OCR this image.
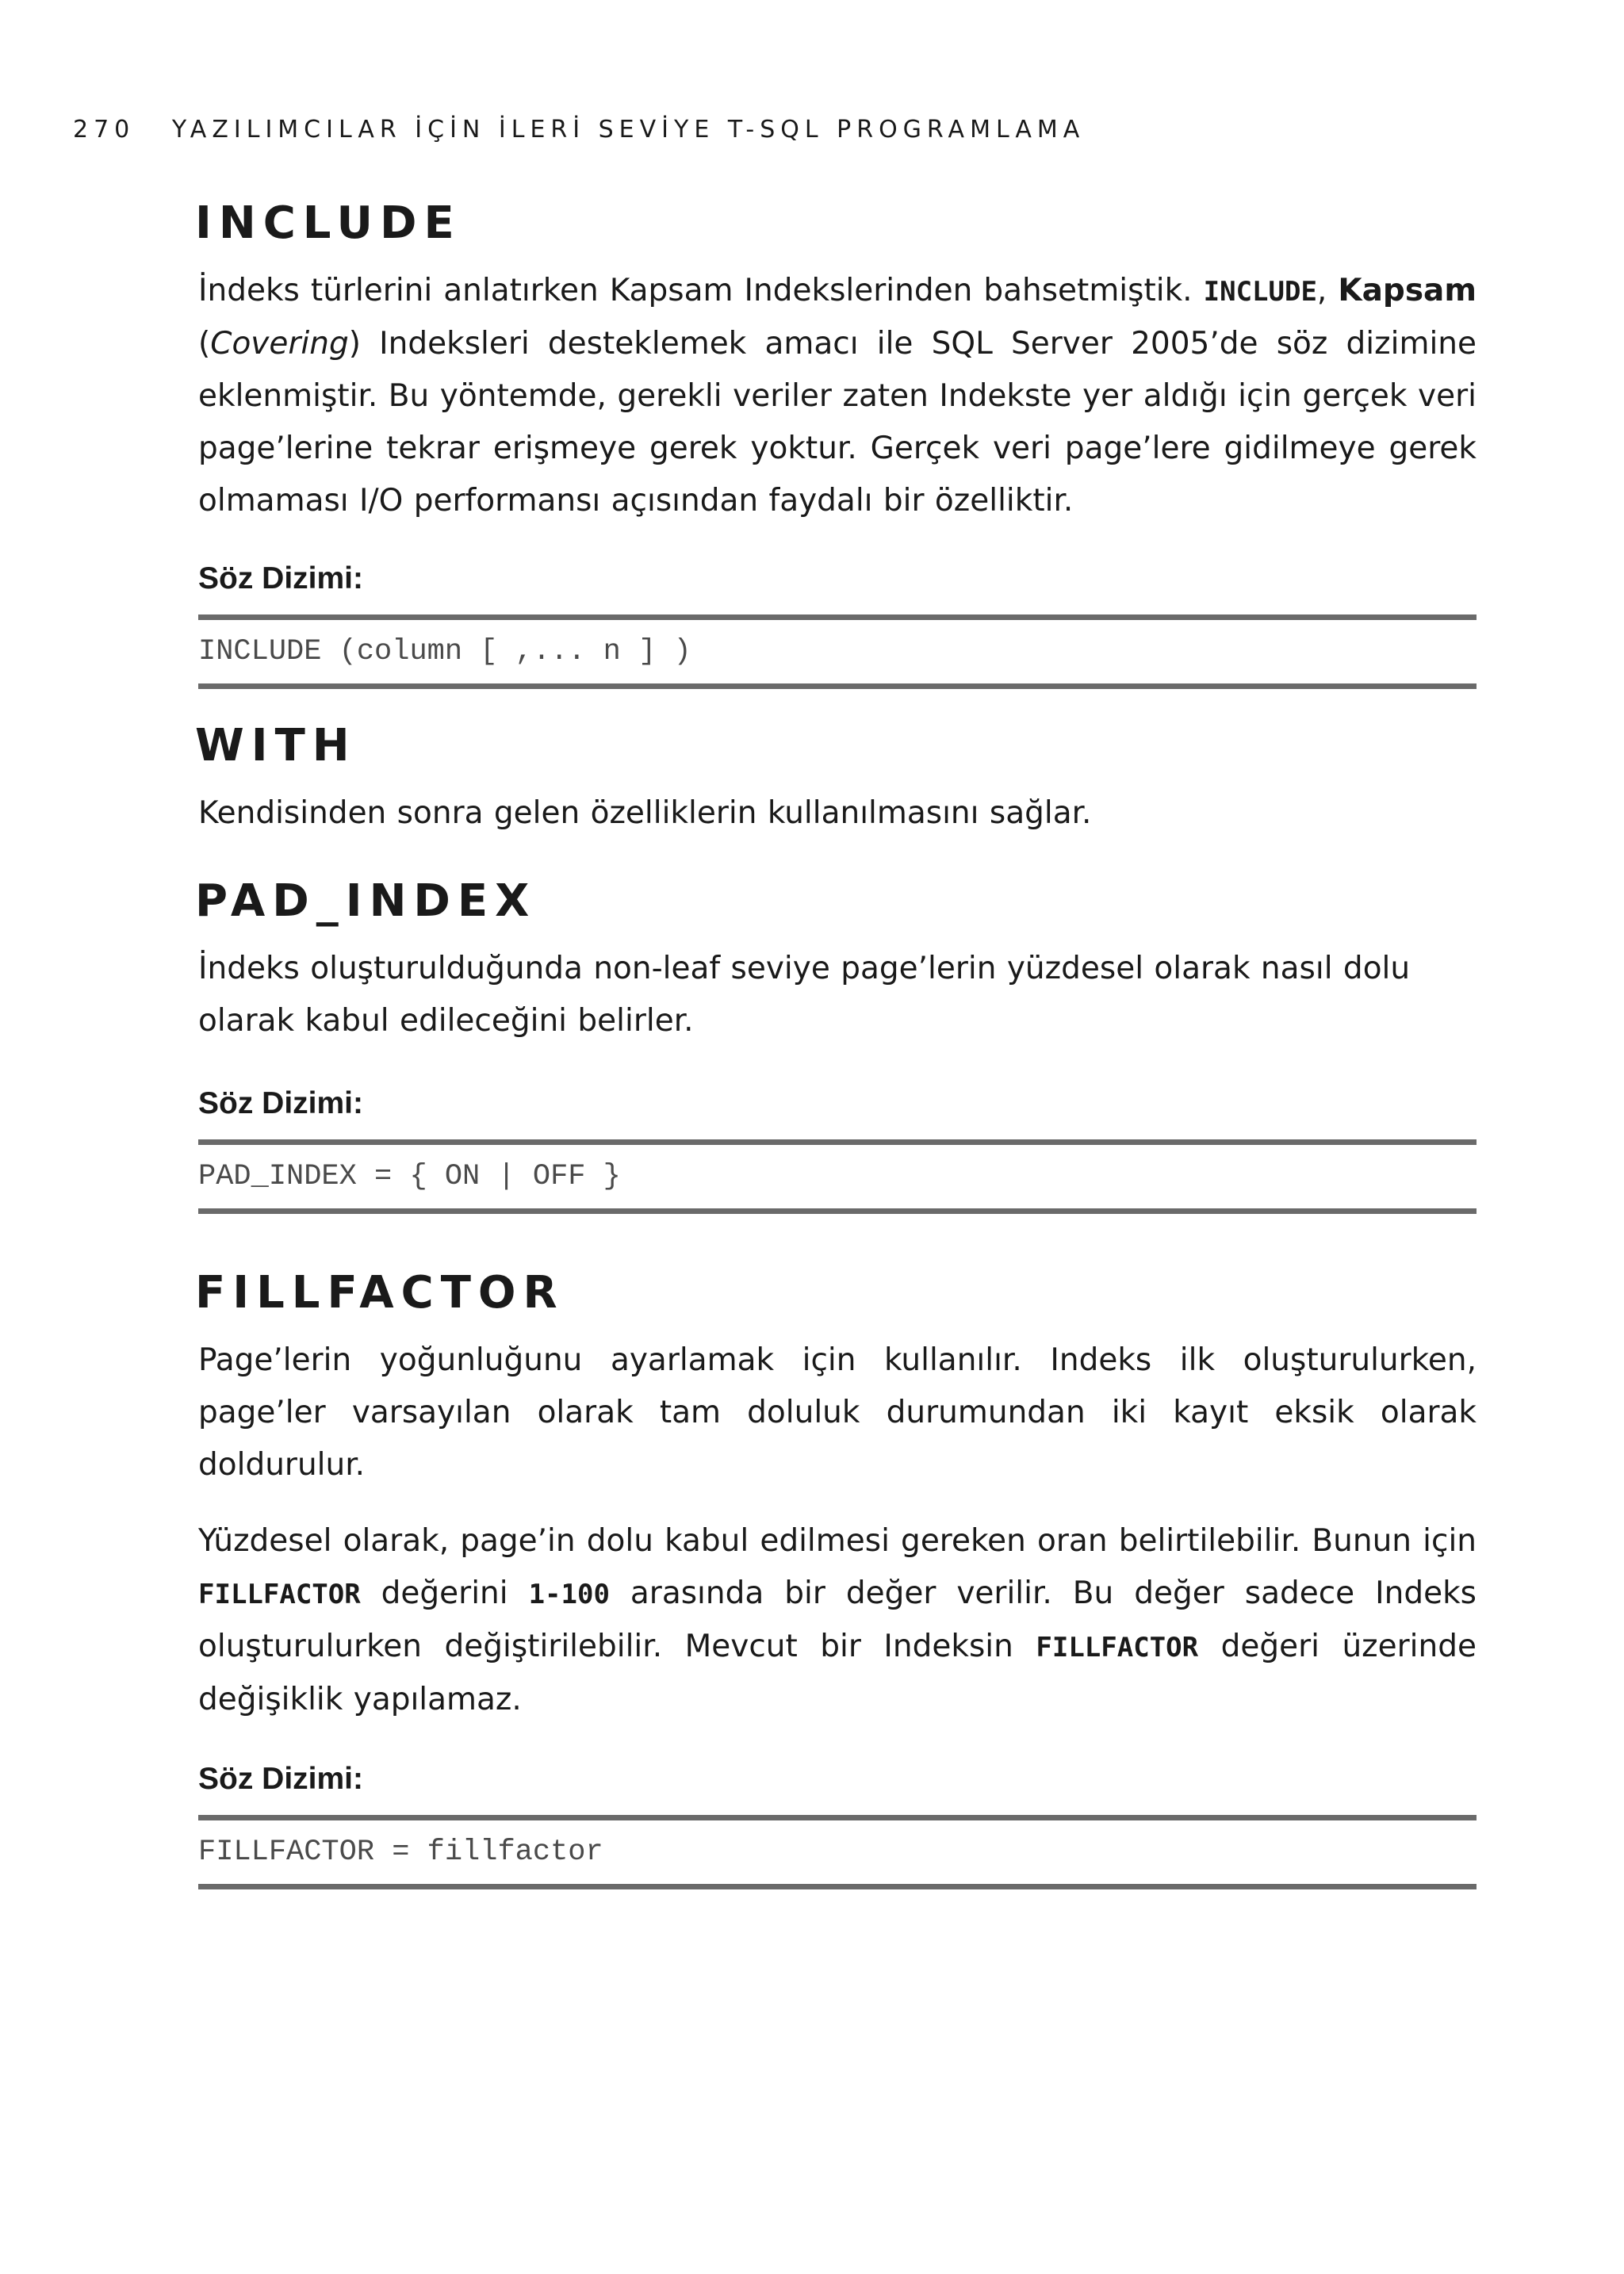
270 YAZILIMCILAR İÇİN İLERİ SEVİYE T-SQL PROGRAMLAMA
INCLUDE

İndeks türlerini anlatırken Kapsam Indekslerinden bahsetmiştik. INCLUDE, Kapsam (Covering) Indeksleri desteklemek amacı ile SQL Server 2005’de söz dizimine eklenmiştir. Bu yöntemde, gerekli veriler zaten Indekste yer aldığı için gerçek veri page’lerine tekrar erişmeye gerek yoktur. Gerçek veri page’lere gidilmeye gerek olmaması I/O performansı açısından faydalı bir özelliktir.

Söz Dizimi:
INCLUDE (column [ ,... n ] )
WITH

Kendisinden sonra gelen özelliklerin kullanılmasını sağlar.

PAD_INDEX

İndeks oluşturulduğunda non-leaf seviye page’lerin yüzdesel olarak nasıl dolu olarak kabul edileceğini belirler.

Söz Dizimi:
PAD_INDEX = { ON | OFF }
FILLFACTOR

Page’lerin yoğunluğunu ayarlamak için kullanılır. Indeks ilk oluşturulurken, page’ler varsayılan olarak tam doluluk durumundan iki kayıt eksik olarak doldurulur.

Yüzdesel olarak, page’in dolu kabul edilmesi gereken oran belirtilebilir. Bunun için FILLFACTOR değerini 1-100 arasında bir değer verilir. Bu değer sadece Indeks oluşturulurken değiştirilebilir. Mevcut bir Indeksin FILLFACTOR değeri üzerinde değişiklik yapılamaz.

Söz Dizimi:
FILLFACTOR = fillfactor
